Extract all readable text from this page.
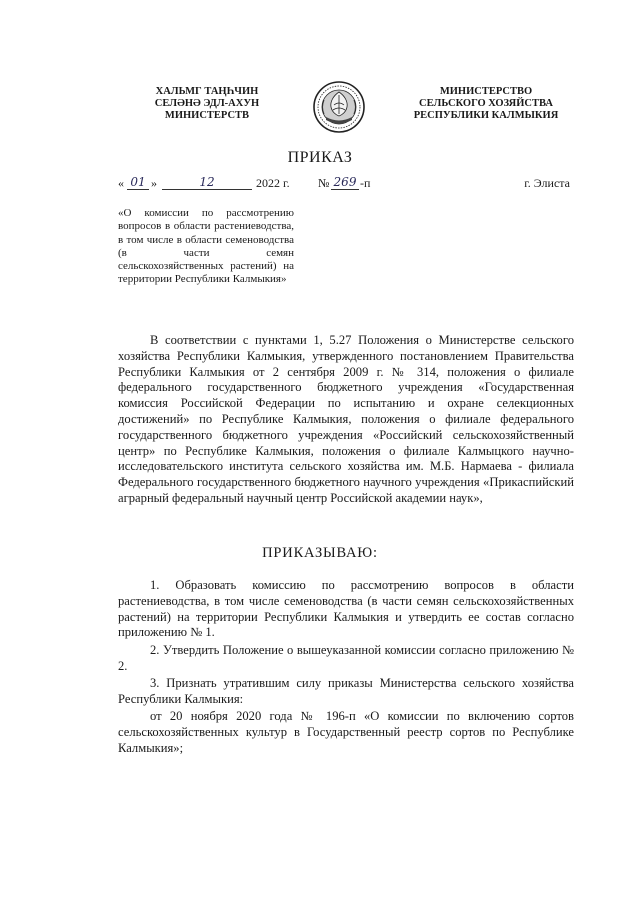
ХАЛЬМГ ТАҢҺЧИН
СЕЛӘНӘ ЭДЛ-АХУН
МИНИСТЕРСТВ
МИНИСТЕРСТВО
СЕЛЬСКОГО ХОЗЯЙСТВА
РЕСПУБЛИКИ КАЛМЫКИЯ
ПРИКАЗ
« 01 »	12	2022 г. № 269 -п	г. Элиста
«О комиссии по рассмотрению вопросов в области растениеводства, в том числе в области семеноводства (в части семян сельскохозяйственных растений) на территории Республики Калмыкия»
В соответствии с пунктами 1, 5.27 Положения о Министерстве сельского хозяйства Республики Калмыкия, утвержденного постановлением Правительства Республики Калмыкия от 2 сентября 2009 г. № 314, положения о филиале федерального государственного бюджетного учреждения «Государственная комиссия Российской Федерации по испытанию и охране селекционных достижений» по Республике Калмыкия, положения о филиале федерального государственного бюджетного учреждения «Российский сельскохозяйственный центр» по Республике Калмыкия, положения о филиале Калмыцкого научно-исследовательского института сельского хозяйства им. М.Б. Нармаева - филиала Федерального государственного бюджетного научного учреждения «Прикаспийский аграрный федеральный научный центр Российской академии наук»,
ПРИКАЗЫВАЮ:
1. Образовать комиссию по рассмотрению вопросов в области растениеводства, в том числе семеноводства (в части семян сельскохозяйственных растений) на территории Республики Калмыкия и утвердить ее состав согласно приложению № 1.
2. Утвердить Положение о вышеуказанной комиссии согласно приложению № 2.
3. Признать утратившим силу приказы Министерства сельского хозяйства Республики Калмыкия:
от 20 ноября 2020 года № 196-п «О комиссии по включению сортов сельскохозяйственных культур в Государственный реестр сортов по Республике Калмыкия»;
